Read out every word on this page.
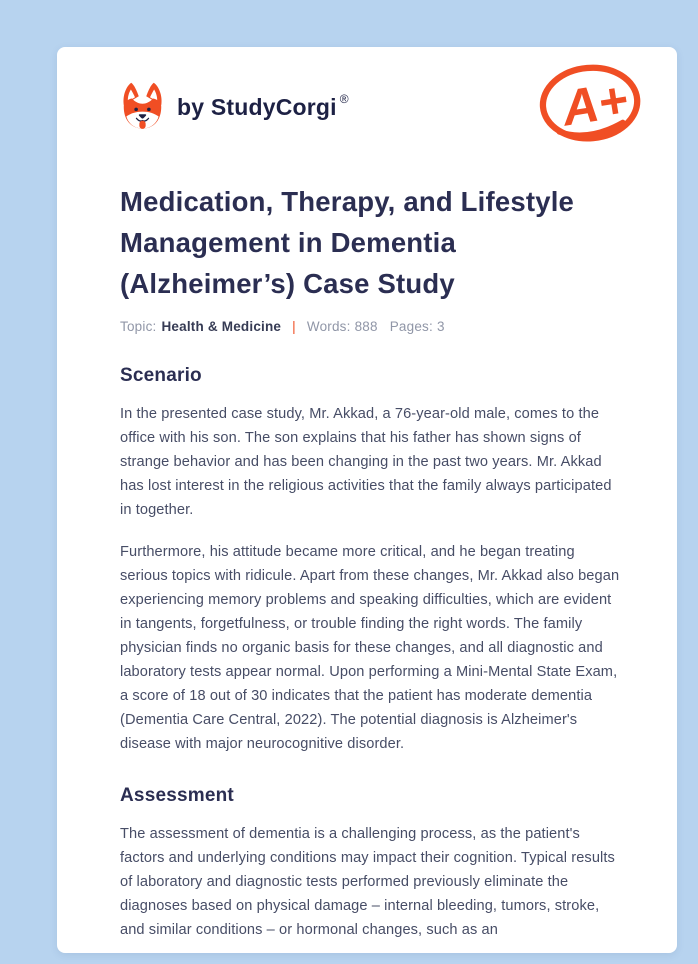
by StudyCorgi ®	A+
Medication, Therapy, and Lifestyle
Management in Dementia
(Alzheimer’s) Case Study
Topic: Health & Medicine | Words: 888 Pages: 3
Scenario

In the presented case study, Mr. Akkad, a 76-year-old male, comes to the office with his son. The son explains that his father has shown signs of strange behavior and has been changing in the past two years. Mr. Akkad has lost interest in the religious activities that the family always participated in together.

Furthermore, his attitude became more critical, and he began treating serious topics with ridicule. Apart from these changes, Mr. Akkad also began experiencing memory problems and speaking difficulties, which are evident in tangents, forgetfulness, or trouble finding the right words. The family physician finds no organic basis for these changes, and all diagnostic and laboratory tests appear normal. Upon performing a Mini-Mental State Exam, a score of 18 out of 30 indicates that the patient has moderate dementia (Dementia Care Central, 2022). The potential diagnosis is Alzheimer's disease with major neurocognitive disorder.

Assessment

The assessment of dementia is a challenging process, as the patient's factors and underlying conditions may impact their cognition. Typical results of laboratory and diagnostic tests performed previously eliminate the diagnoses based on physical damage – internal bleeding, tumors, stroke, and similar conditions – or hormonal changes, such as an
